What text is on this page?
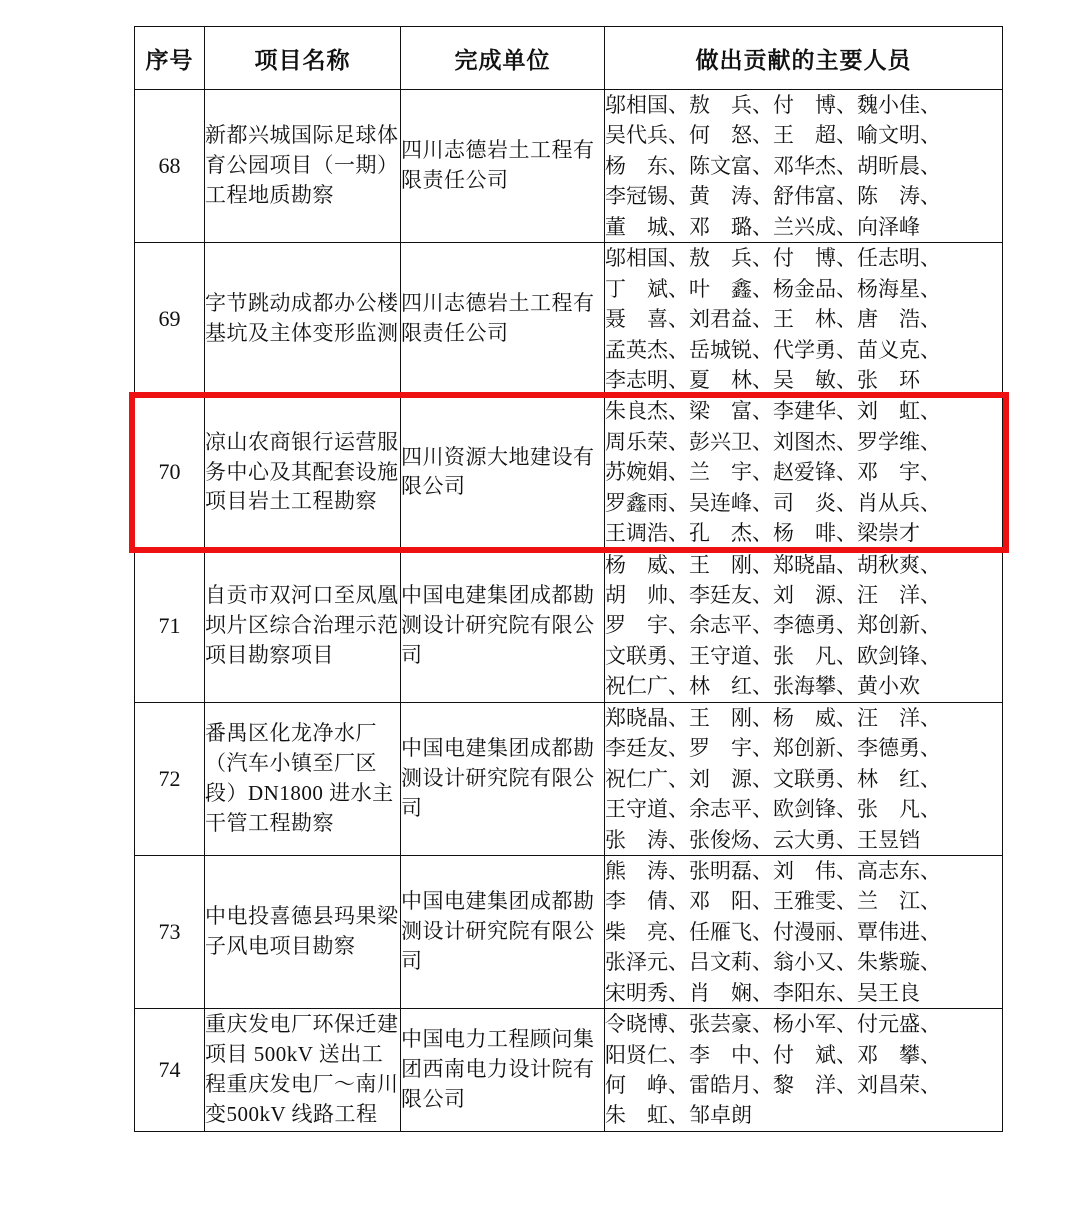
序号	项目名称	完成单位	做出贡献的主要人员
68	新都兴城国际足球体育公园项目（一期）工程地质勘察	四川志德岩土工程有限责任公司	邬相国、敖　兵、付　博、魏小佳、
吴代兵、何　怒、王　超、喻文明、
杨　东、陈文富、邓华杰、胡昕晨、
李冠锡、黄　涛、舒伟富、陈　涛、
董　城、邓　璐、兰兴成、向泽峰

69	字节跳动成都办公楼基坑及主体变形监测	四川志德岩土工程有限责任公司	邬相国、敖　兵、付　博、任志明、
丁　斌、叶　鑫、杨金品、杨海星、
聂　喜、刘君益、王　林、唐　浩、
孟英杰、岳城锐、代学勇、苗义克、
李志明、夏　林、吴　敏、张　环

70	凉山农商银行运营服务中心及其配套设施项目岩土工程勘察	四川资源大地建设有限公司	朱良杰、梁　富、李建华、刘　虹、
周乐荣、彭兴卫、刘图杰、罗学维、
苏婉娟、兰　宇、赵爱锋、邓　宇、
罗鑫雨、吴连峰、司　炎、肖从兵、
王调浩、孔　杰、杨　啡、梁崇才

71	自贡市双河口至凤凰坝片区综合治理示范项目勘察项目	中国电建集团成都勘测设计研究院有限公司	杨　威、王　刚、郑晓晶、胡秋爽、
胡　帅、李廷友、刘　源、汪　洋、
罗　宇、余志平、李德勇、郑创新、
文联勇、王守道、张　凡、欧剑锋、
祝仁广、林　红、张海攀、黄小欢

72	番禺区化龙净水厂（汽车小镇至厂区段）DN1800 进水主干管工程勘察	中国电建集团成都勘测设计研究院有限公司	郑晓晶、王　刚、杨　威、汪　洋、
李廷友、罗　宇、郑创新、李德勇、
祝仁广、刘　源、文联勇、林　红、
王守道、余志平、欧剑锋、张　凡、
张　涛、张俊炀、云大勇、王昱铛

73	中电投喜德县玛果梁子风电项目勘察	中国电建集团成都勘测设计研究院有限公司	熊　涛、张明磊、刘　伟、高志东、
李　倩、邓　阳、王雅雯、兰　江、
柴　亮、任雁飞、付漫丽、覃伟进、
张泽元、吕文莉、翁小又、朱紫璇、
宋明秀、肖　娴、李阳东、吴王良

74	重庆发电厂环保迁建项目 500kV 送出工程重庆发电厂～南川变500kV 线路工程	中国电力工程顾问集团西南电力设计院有限公司	令晓博、张芸豪、杨小军、付元盛、
阳贤仁、李　中、付　斌、邓　攀、
何　峥、雷皓月、黎　洋、刘昌荣、
朱　虹、邹卓朗
